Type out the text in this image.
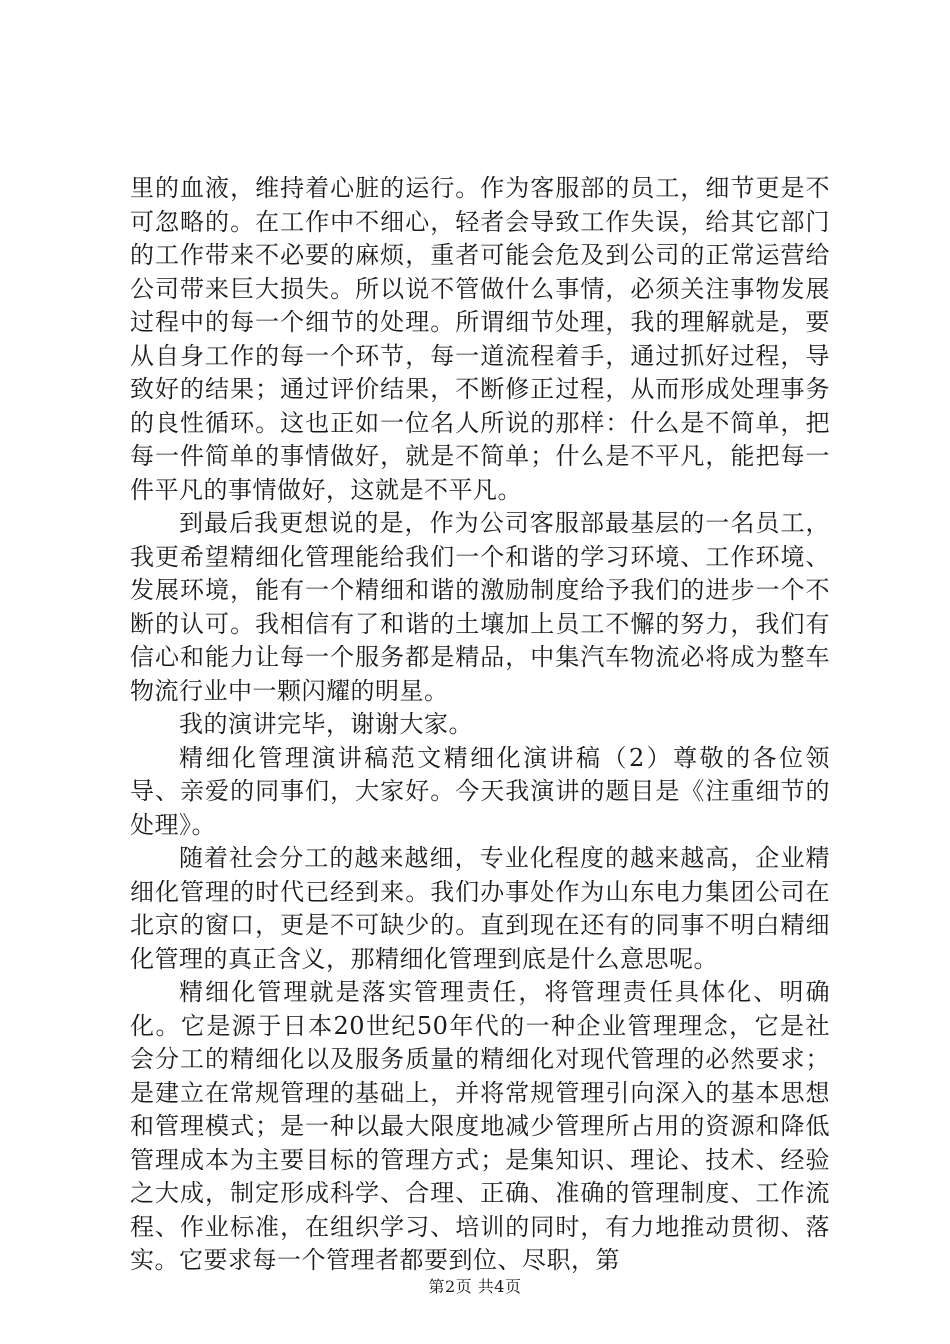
里的血液，维持着心脏的运行。作为客服部的员工，细节更是不可忽略的。在工作中不细心，轻者会导致工作失误，给其它部门的工作带来不必要的麻烦，重者可能会危及到公司的正常运营给公司带来巨大损失。所以说不管做什么事情，必须关注事物发展过程中的每一个细节的处理。所谓细节处理，我的理解就是，要从自身工作的每一个环节，每一道流程着手，通过抓好过程，导致好的结果；通过评价结果，不断修正过程，从而形成处理事务的良性循环。这也正如一位名人所说的那样：什么是不简单，把每一件简单的事情做好，就是不简单；什么是不平凡，能把每一件平凡的事情做好，这就是不平凡。

到最后我更想说的是，作为公司客服部最基层的一名员工，我更希望精细化管理能给我们一个和谐的学习环境、工作环境、发展环境，能有一个精细和谐的激励制度给予我们的进步一个不断的认可。我相信有了和谐的土壤加上员工不懈的努力，我们有信心和能力让每一个服务都是精品，中集汽车物流必将成为整车物流行业中一颗闪耀的明星。

我的演讲完毕，谢谢大家。

精细化管理演讲稿范文精细化演讲稿（2）尊敬的各位领导、亲爱的同事们，大家好。今天我演讲的题目是《注重细节的处理》。

随着社会分工的越来越细，专业化程度的越来越高，企业精细化管理的时代已经到来。我们办事处作为山东电力集团公司在北京的窗口，更是不可缺少的。直到现在还有的同事不明白精细化管理的真正含义，那精细化管理到底是什么意思呢。

精细化管理就是落实管理责任，将管理责任具体化、明确化。它是源于日本20世纪50年代的一种企业管理理念，它是社会分工的精细化以及服务质量的精细化对现代管理的必然要求；是建立在常规管理的基础上，并将常规管理引向深入的基本思想和管理模式；是一种以最大限度地减少管理所占用的资源和降低管理成本为主要目标的管理方式；是集知识、理论、技术、经验之大成，制定形成科学、合理、正确、准确的管理制度、工作流程、作业标准，在组织学习、培训的同时，有力地推动贯彻、落实。它要求每一个管理者都要到位、尽职，第

第2页 共4页
